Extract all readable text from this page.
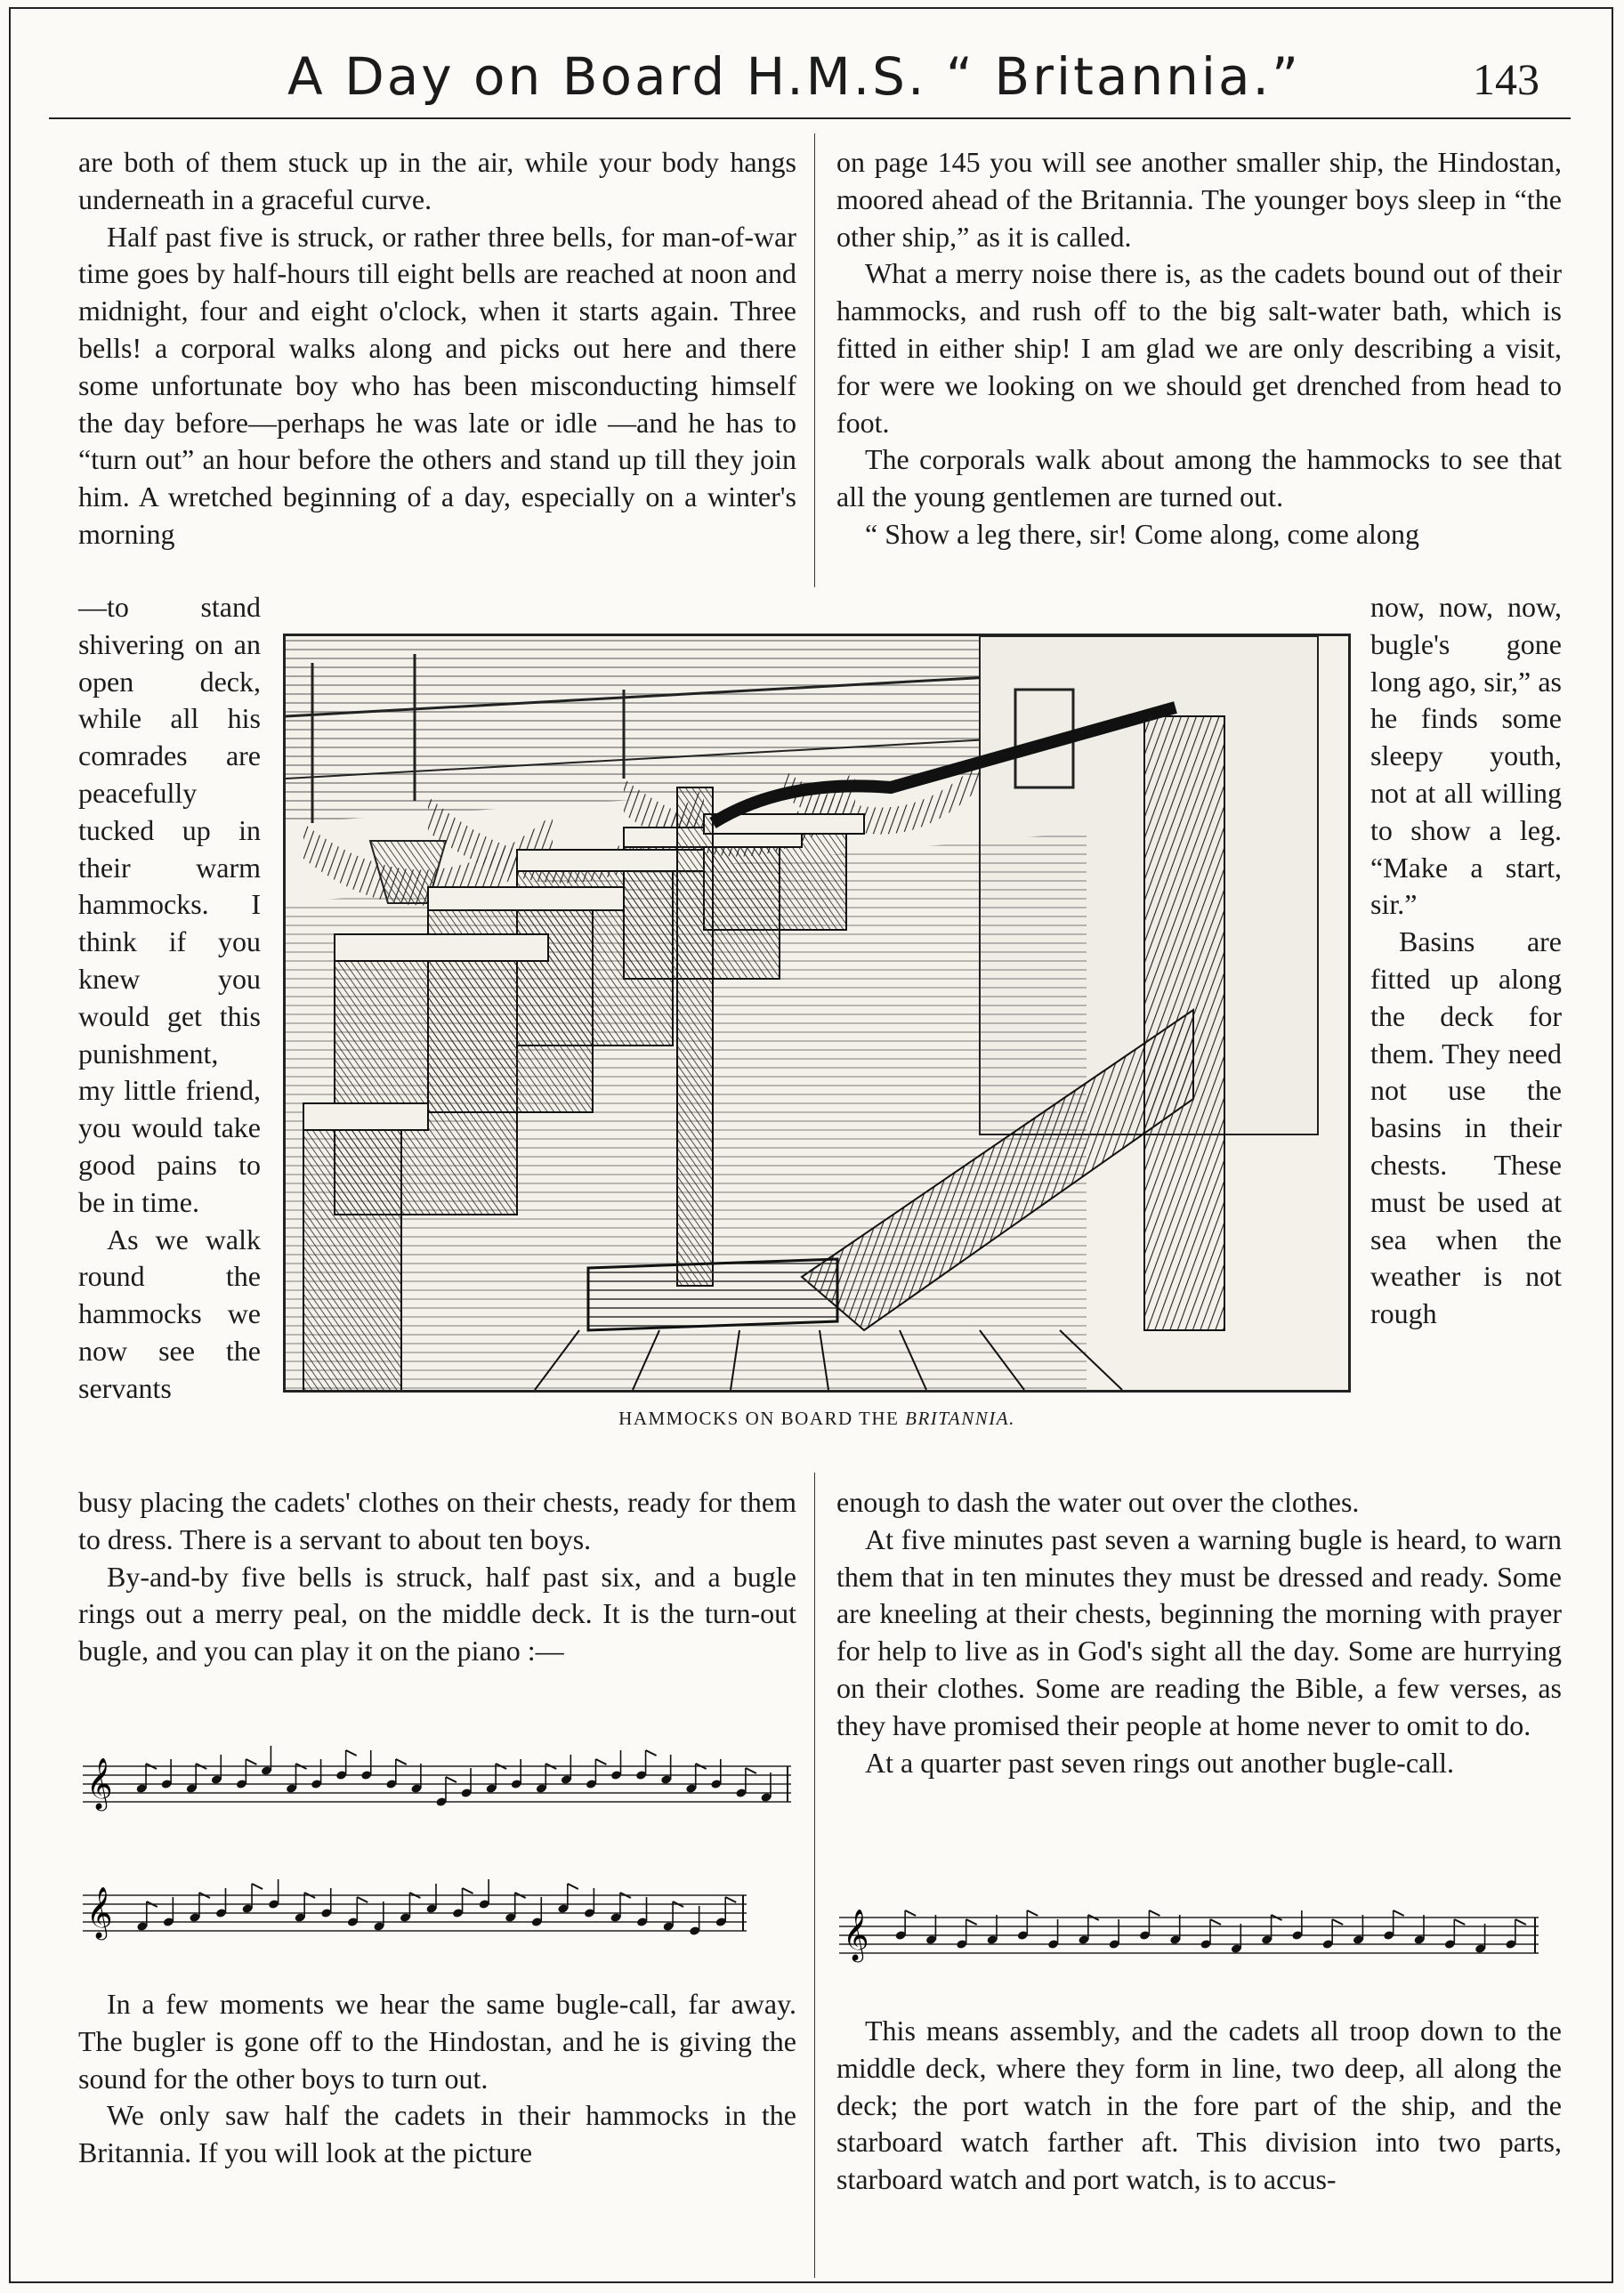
A Day on Board H.M.S. “ Britannia.”	143

are both of them stuck up in the air, while your body hangs underneath in a graceful curve.

Half past five is struck, or rather three bells, for man-of-war time goes by half-hours till eight bells are reached at noon and midnight, four and eight o'clock, when it starts again. Three bells! a corporal walks along and picks out here and there some unfortunate boy who has been misconducting himself the day before—perhaps he was late or idle —and he has to “turn out” an hour before the others and stand up till they join him. A wretched beginning of a day, especially on a winter's morning

—to stand shivering on an open deck, while all his comrades are peacefully tucked up in their warm hammocks. I think if you knew you would get this punishment, my little friend, you would take good pains to be in time.

As we walk round the hammocks we now see the servants

busy placing the cadets' clothes on their chests, ready for them to dress. There is a servant to about ten boys.

By-and-by five bells is struck, half past six, and a bugle rings out a merry peal, on the middle deck. It is the turn-out bugle, and you can play it on the piano :—

𝄞
𝄞

In a few moments we hear the same bugle-call, far away. The bugler is gone off to the Hindostan, and he is giving the sound for the other boys to turn out.

We only saw half the cadets in their hammocks in the Britannia. If you will look at the picture

on page 145 you will see another smaller ship, the Hindostan, moored ahead of the Britannia. The younger boys sleep in “the other ship,” as it is called.

What a merry noise there is, as the cadets bound out of their hammocks, and rush off to the big salt-water bath, which is fitted in either ship! I am glad we are only describing a visit, for were we looking on we should get drenched from head to foot.

The corporals walk about among the hammocks to see that all the young gentlemen are turned out.

“ Show a leg there, sir! Come along, come along

now, now, now, bugle's gone long ago, sir,” as he finds some sleepy youth, not at all willing to show a leg. “Make a start, sir.”

Basins are fitted up along the deck for them. They need not use the basins in their chests. These must be used at sea when the weather is not rough

enough to dash the water out over the clothes.

At five minutes past seven a warning bugle is heard, to warn them that in ten minutes they must be dressed and ready. Some are kneeling at their chests, beginning the morning with prayer for help to live as in God's sight all the day. Some are hurrying on their clothes. Some are reading the Bible, a few verses, as they have promised their people at home never to omit to do.

At a quarter past seven rings out another bugle-call.

𝄞

This means assembly, and the cadets all troop down to the middle deck, where they form in line, two deep, all along the deck; the port watch in the fore part of the ship, and the starboard watch farther aft. This division into two parts, starboard watch and port watch, is to accus-

HAMMOCKS ON BOARD THE BRITANNIA.
